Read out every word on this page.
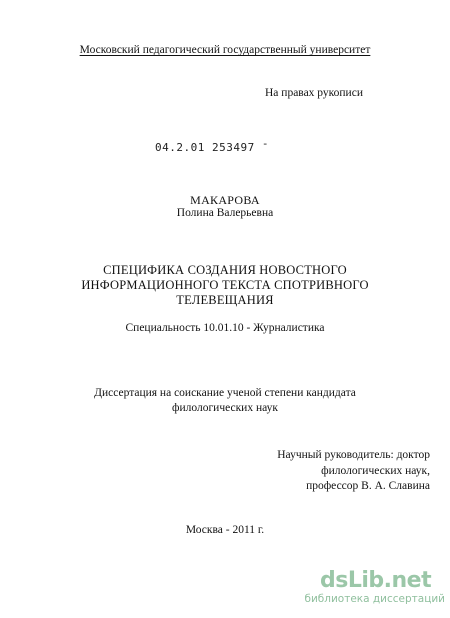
Московский педагогический государственный университет
На правах рукописи
04.2.01 253497 -
МАКАРОВА
Полина Валерьевна
СПЕЦИФИКА СОЗДАНИЯ НОВОСТНОГО
ИНФОРМАЦИОННОГО ТЕКСТА СПОТРИВНОГО
ТЕЛЕВЕЩАНИЯ
Специальность 10.01.10 - Журналистика
Диссертация на соискание ученой степени кандидата
филологических наук
Научный руководитель: доктор
филологических наук,
профессор В. А. Славина
Москва - 2011 г.
dsLib.net
библиотека диссертаций
